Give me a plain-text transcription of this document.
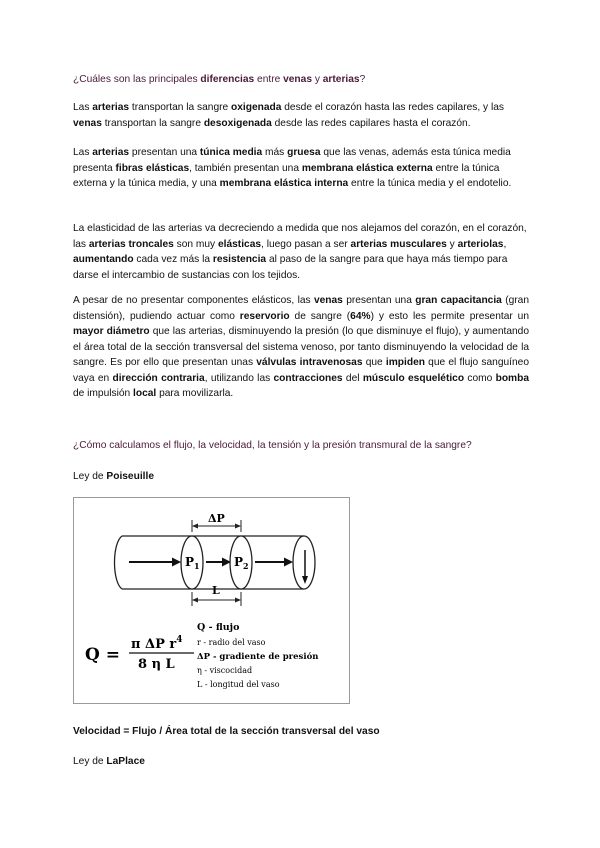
¿Cuáles son las principales diferencias entre venas y arterias?

Las arterias transportan la sangre oxigenada desde el corazón hasta las redes capilares, y las venas transportan la sangre desoxigenada desde las redes capilares hasta el corazón.

Las arterias presentan una túnica media más gruesa que las venas, además esta túnica media presenta fibras elásticas, también presentan una membrana elástica externa entre la túnica externa y la túnica media, y una membrana elástica interna entre la túnica media y el endotelio.

La elasticidad de las arterias va decreciendo a medida que nos alejamos del corazón, en el corazón, las arterias troncales son muy elásticas, luego pasan a ser arterias musculares y arteriolas, aumentando cada vez más la resistencia al paso de la sangre para que haya más tiempo para darse el intercambio de sustancias con los tejidos.

A pesar de no presentar componentes elásticos, las venas presentan una gran capacitancia (gran distensión), pudiendo actuar como reservorio de sangre (64%) y esto les permite presentar un mayor diámetro que las arterias, disminuyendo la presión (lo que disminuye el flujo), y aumentando el área total de la sección transversal del sistema venoso, por tanto disminuyendo la velocidad de la sangre. Es por ello que presentan unas válvulas intravenosas que impiden que el flujo sanguíneo vaya en dirección contraria, utilizando las contracciones del músculo esquelético como bomba de impulsión local para movilizarla.

¿Cómo calculamos el flujo, la velocidad, la tensión y la presión transmural de la sangre?

Ley de Poiseuille

$P_1$	$P_2$
ΔP
L
Q =
π ΔP $r^4$
8 η L
Q - flujo
r - radio del vaso
ΔP - gradiente de presión
η - viscocidad
L - longitud del vaso

Velocidad = Flujo / Área total de la sección transversal del vaso

Ley de LaPlace
